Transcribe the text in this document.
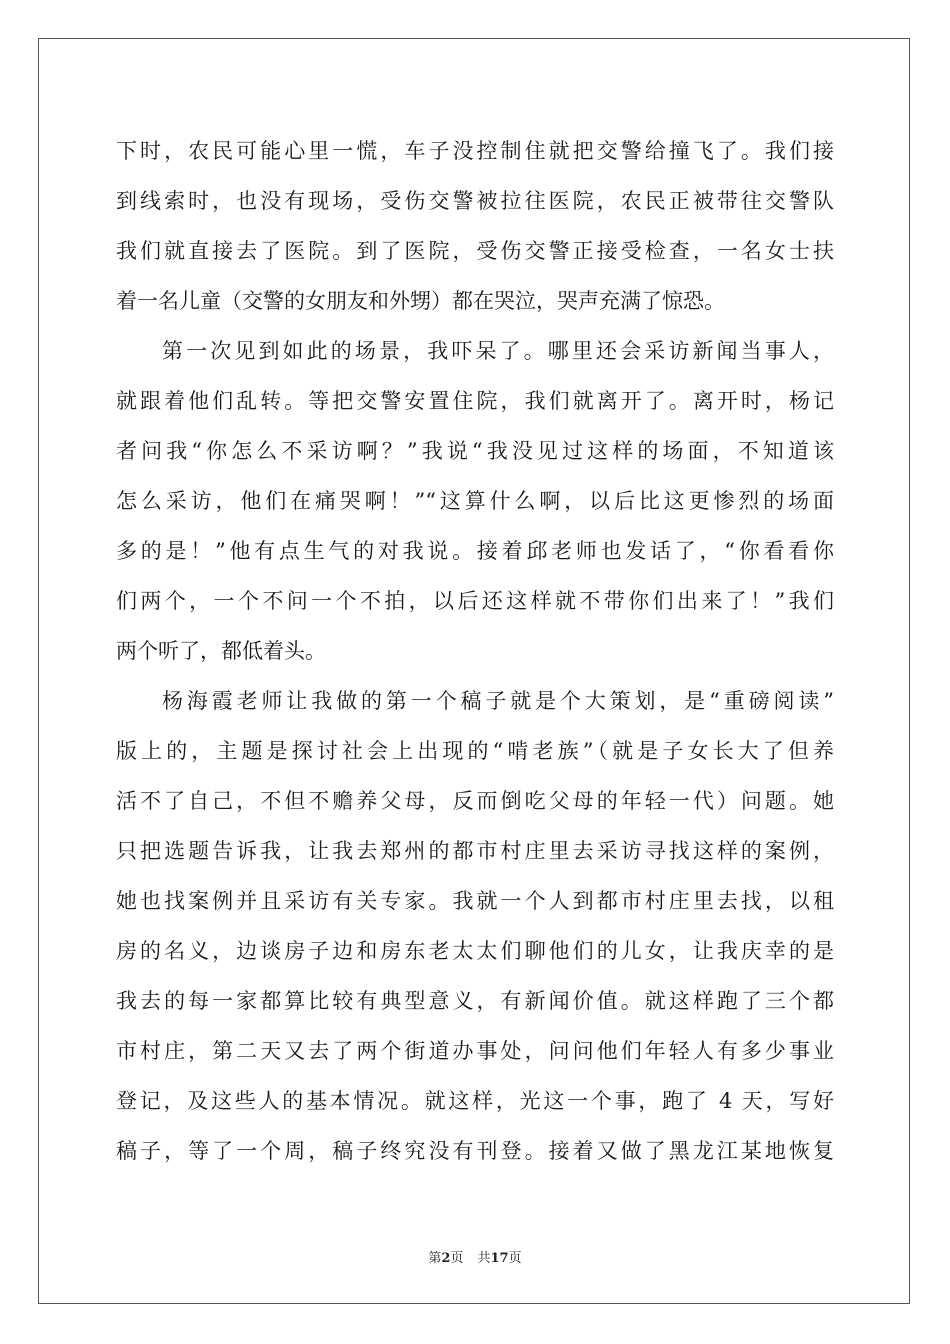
下时，农民可能心里一慌，车子没控制住就把交警给撞飞了。我们接
到线索时，也没有现场，受伤交警被拉往医院，农民正被带往交警队
我们就直接去了医院。到了医院，受伤交警正接受检查，一名女士扶
着一名儿童（交警的女朋友和外甥）都在哭泣，哭声充满了惊恐。
第一次见到如此的场景，我吓呆了。哪里还会采访新闻当事人，
就跟着他们乱转。等把交警安置住院，我们就离开了。离开时，杨记
者问我“你怎么不采访啊？”我说“我没见过这样的场面，不知道该
怎么采访，他们在痛哭啊！”“这算什么啊，以后比这更惨烈的场面
多的是！”他有点生气的对我说。接着邱老师也发话了，“你看看你
们两个，一个不问一个不拍，以后还这样就不带你们出来了！”我们
两个听了，都低着头。
杨海霞老师让我做的第一个稿子就是个大策划，是“重磅阅读”
版上的，主题是探讨社会上出现的“啃老族”（就是子女长大了但养
活不了自己，不但不赡养父母，反而倒吃父母的年轻一代）问题。她
只把选题告诉我，让我去郑州的都市村庄里去采访寻找这样的案例，
她也找案例并且采访有关专家。我就一个人到都市村庄里去找，以租
房的名义，边谈房子边和房东老太太们聊他们的儿女，让我庆幸的是
我去的每一家都算比较有典型意义，有新闻价值。就这样跑了三个都
市村庄，第二天又去了两个街道办事处，问问他们年轻人有多少事业
登记，及这些人的基本情况。就这样，光这一个事，跑了 4 天，写好
稿子，等了一个周，稿子终究没有刊登。接着又做了黑龙江某地恢复
第2页 共17页
